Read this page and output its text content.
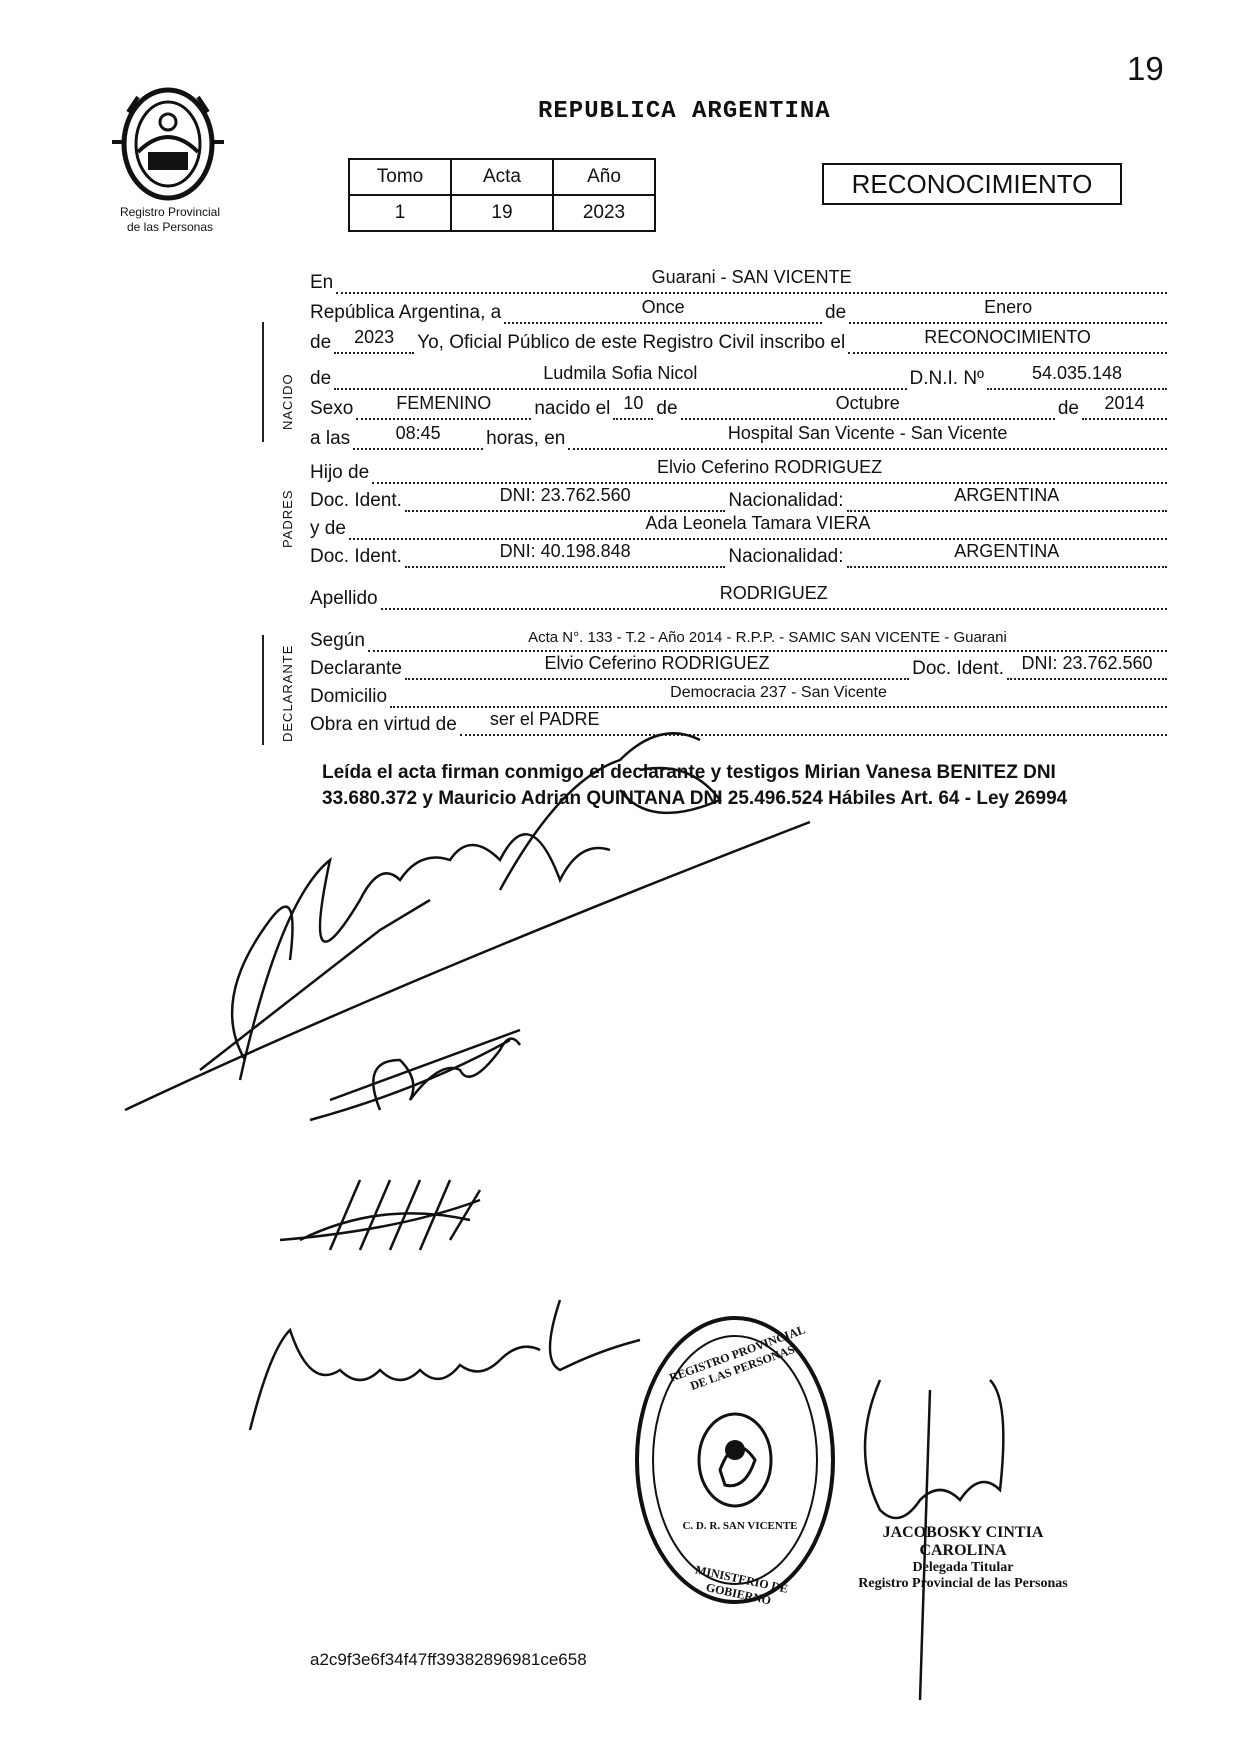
19
Registro Provincial
de las Personas
REPUBLICA ARGENTINA
Tomo	Acta	Año
1	19	2023
RECONOCIMIENTO
En	Guarani - SAN VICENTE
República Argentina, a	Once	de	Enero
de	2023	Yo, Oficial Público de este Registro Civil inscribo el	RECONOCIMIENTO
de	Ludmila Sofia Nicol	D.N.I. Nº	54.035.148
Sexo	FEMENINO	nacido el 10 de	Octubre	de	2014
a las	08:45	horas, en	Hospital San Vicente - San Vicente
Hijo de	Elvio Ceferino RODRIGUEZ
Doc. Ident.	DNI: 23.762.560	Nacionalidad:	ARGENTINA
y de	Ada Leonela Tamara VIERA
Doc. Ident.	DNI: 40.198.848	Nacionalidad:	ARGENTINA
Apellido	RODRIGUEZ
Según	Acta N°. 133 - T.2 - Año 2014 - R.P.P. - SAMIC SAN VICENTE - Guarani
Declarante	Elvio Ceferino RODRIGUEZ	Doc. Ident. DNI: 23.762.560
Domicilio	Democracia 237 - San Vicente
Obra en virtud de	ser el PADRE
NACIDO
PADRES
DECLARANTE
Leída el acta firman conmigo el declarante y testigos Mirian Vanesa BENITEZ DNI 33.680.372 y Mauricio Adrian QUINTANA DNI 25.496.524 Hábiles Art. 64 - Ley 26994
REGISTRO PROVINCIAL DE LAS PERSONAS
C. D. R. SAN VICENTE
MINISTERIO DE GOBIERNO
JACOBOSKY CINTIA CAROLINA
Delegada Titular
Registro Provincial de las Personas
a2c9f3e6f34f47ff39382896981ce658
